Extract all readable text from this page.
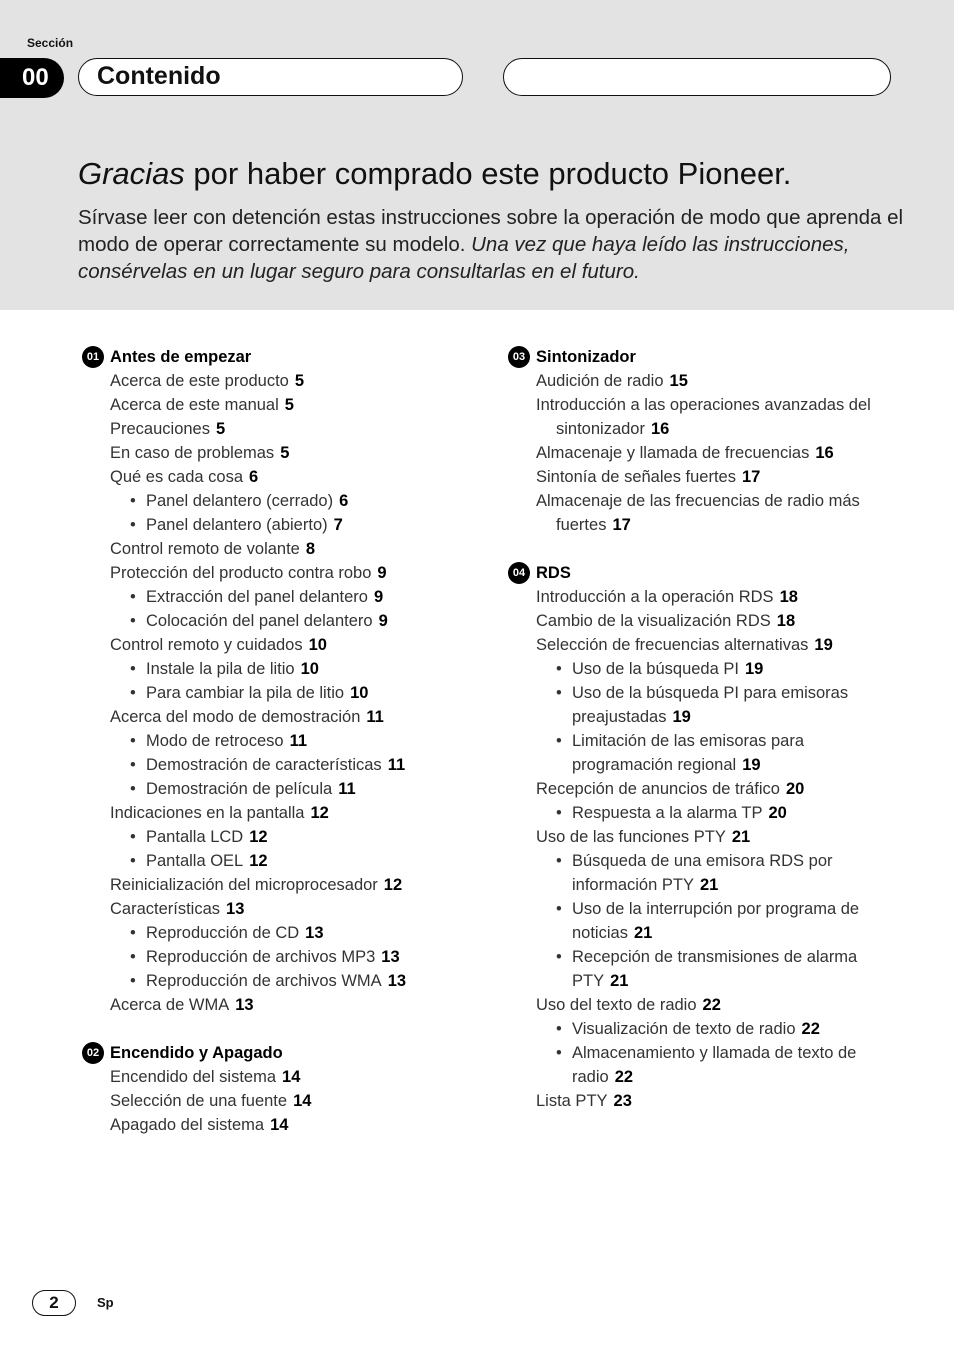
Sección
00	Contenido
Gracias por haber comprado este producto Pioneer.
Sírvase leer con detención estas instrucciones sobre la operación de modo que aprenda el modo de operar correctamente su modelo. Una vez que haya leído las instrucciones, consérvelas en un lugar seguro para consultarlas en el futuro.
01 Antes de empezar
Acerca de este producto 5
Acerca de este manual 5
Precauciones 5
En caso de problemas 5
Qué es cada cosa 6
• Panel delantero (cerrado) 6
• Panel delantero (abierto) 7
Control remoto de volante 8
Protección del producto contra robo 9
• Extracción del panel delantero 9
• Colocación del panel delantero 9
Control remoto y cuidados 10
• Instale la pila de litio 10
• Para cambiar la pila de litio 10
Acerca del modo de demostración 11
• Modo de retroceso 11
• Demostración de características 11
• Demostración de película 11
Indicaciones en la pantalla 12
• Pantalla LCD 12
• Pantalla OEL 12
Reinicialización del microprocesador 12
Características 13
• Reproducción de CD 13
• Reproducción de archivos MP3 13
• Reproducción de archivos WMA 13
Acerca de WMA 13
02 Encendido y Apagado
Encendido del sistema 14
Selección de una fuente 14
Apagado del sistema 14
03 Sintonizador
Audición de radio 15
Introducción a las operaciones avanzadas del sintonizador 16
Almacenaje y llamada de frecuencias 16
Sintonía de señales fuertes 17
Almacenaje de las frecuencias de radio más fuertes 17
04 RDS
Introducción a la operación RDS 18
Cambio de la visualización RDS 18
Selección de frecuencias alternativas 19
• Uso de la búsqueda PI 19
• Uso de la búsqueda PI para emisoras preajustadas 19
• Limitación de las emisoras para programación regional 19
Recepción de anuncios de tráfico 20
• Respuesta a la alarma TP 20
Uso de las funciones PTY 21
• Búsqueda de una emisora RDS por información PTY 21
• Uso de la interrupción por programa de noticias 21
• Recepción de transmisiones de alarma PTY 21
Uso del texto de radio 22
• Visualización de texto de radio 22
• Almacenamiento y llamada de texto de radio 22
Lista PTY 23
2	Sp
